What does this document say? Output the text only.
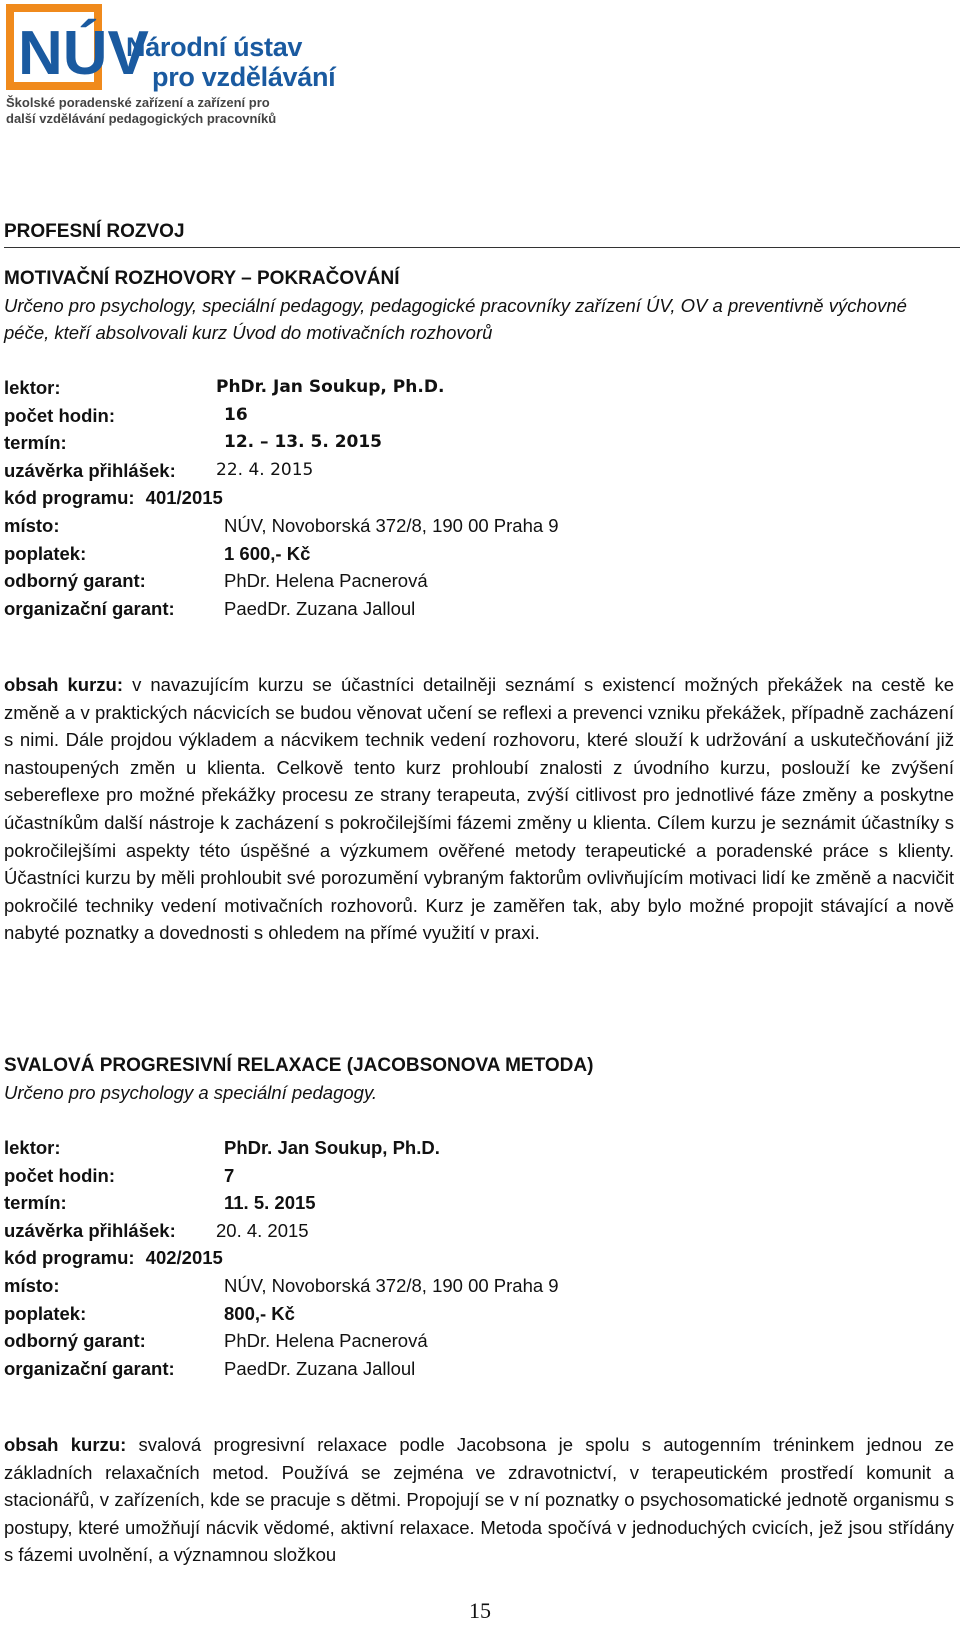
NÚV
Národní ústav
pro vzdělávání
Školské poradenské zařízení a zařízení pro
další vzdělávání pedagogických pracovníků
PROFESNÍ ROZVOJ
MOTIVAČNÍ ROZHOVORY – POKRAČOVÁNÍ

Určeno pro psychology, speciální pedagogy, pedagogické pracovníky zařízení ÚV, OV a preventivně výchovné péče, kteří absolvovali kurz Úvod do motivačních rozhovorů

lektor:	PhDr. Jan Soukup, Ph.D.
počet hodin:	16
termín:	12. – 13. 5. 2015
uzávěrka přihlášek: 22. 4. 2015
kód programu: 401/2015
místo:	NÚV, Novoborská 372/8, 190 00 Praha 9
poplatek:	1 600,- Kč
odborný garant:	PhDr. Helena Pacnerová
organizační garant:	PaedDr. Zuzana Jalloul

obsah kurzu: v navazujícím kurzu se účastníci detailněji seznámí s existencí možných překážek na cestě ke změně a v praktických nácvicích se budou věnovat učení se reflexi a prevenci vzniku překážek, případně zacházení s nimi. Dále projdou výkladem a nácvikem technik vedení rozhovoru, které slouží k udržování a uskutečňování již nastoupených změn u klienta. Celkově tento kurz prohloubí znalosti z úvodního kurzu, poslouží ke zvýšení sebereflexe pro možné překážky procesu ze strany terapeuta, zvýší citlivost pro jednotlivé fáze změny a poskytne účastníkům další nástroje k zacházení s pokročilejšími fázemi změny u klienta. Cílem kurzu je seznámit účastníky s pokročilejšími aspekty této úspěšné a výzkumem ověřené metody terapeutické a poradenské práce s klienty. Účastníci kurzu by měli prohloubit své porozumění vybraným faktorům ovlivňujícím motivaci lidí ke změně a nacvičit pokročilé techniky vedení motivačních rozhovorů. Kurz je zaměřen tak, aby bylo možné propojit stávající a nově nabyté poznatky a dovednosti s ohledem na přímé využití v praxi.

SVALOVÁ PROGRESIVNÍ RELAXACE (JACOBSONOVA METODA)

Určeno pro psychology a speciální pedagogy.

lektor:	PhDr. Jan Soukup, Ph.D.
počet hodin:	7
termín:	11. 5. 2015
uzávěrka přihlášek: 20. 4. 2015
kód programu: 402/2015
místo:	NÚV, Novoborská 372/8, 190 00 Praha 9
poplatek:	800,- Kč
odborný garant:	PhDr. Helena Pacnerová
organizační garant:	PaedDr. Zuzana Jalloul

obsah kurzu: svalová progresivní relaxace podle Jacobsona je spolu s autogenním tréninkem jednou ze základních relaxačních metod. Používá se zejména ve zdravotnictví, v terapeutickém prostředí komunit a stacionářů, v zařízeních, kde se pracuje s dětmi. Propojují se v ní poznatky o psychosomatické jednotě organismu s postupy, které umožňují nácvik vědomé, aktivní relaxace. Metoda spočívá v jednoduchých cvicích, jež jsou střídány s fázemi uvolnění, a významnou složkou

15
